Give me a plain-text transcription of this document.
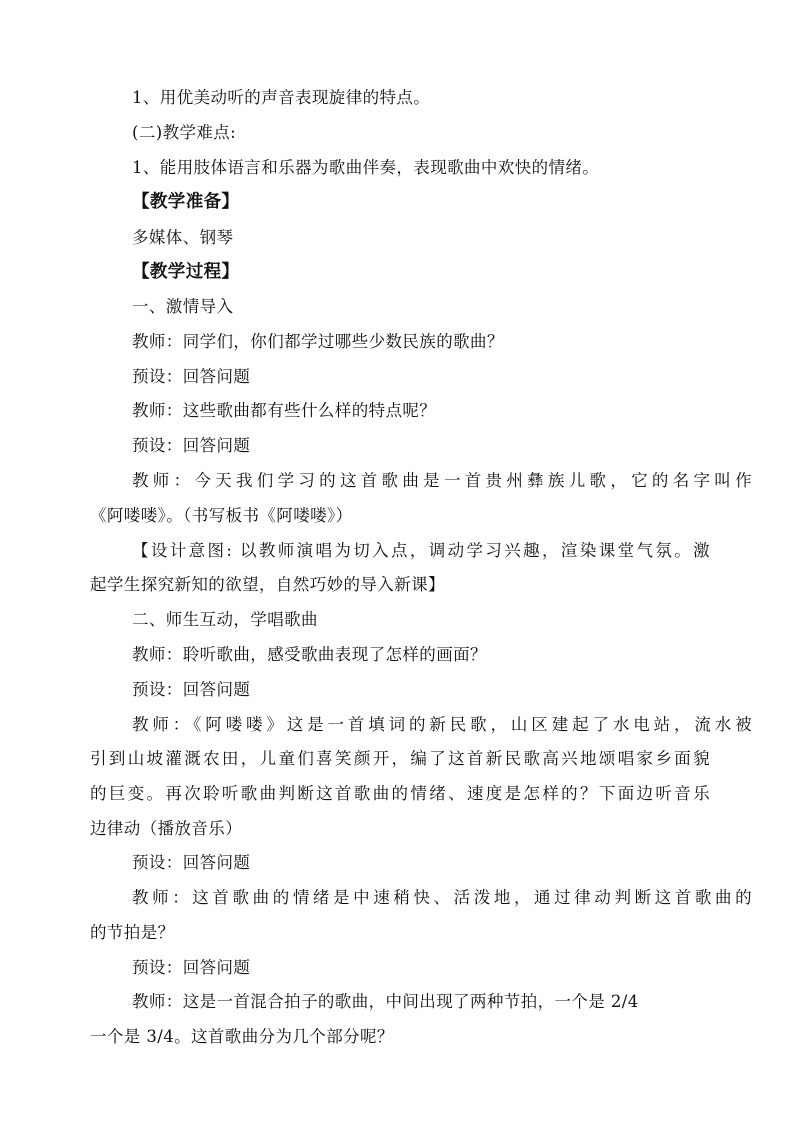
1、用优美动听的声音表现旋律的特点。
(二)教学难点:
1、能用肢体语言和乐器为歌曲伴奏，表现歌曲中欢快的情绪。
【教学准备】
多媒体、钢琴
【教学过程】
一、激情导入
教师：同学们，你们都学过哪些少数民族的歌曲？
预设：回答问题
教师：这些歌曲都有些什么样的特点呢？
预设：回答问题
教师：今天我们学习的这首歌曲是一首贵州彝族儿歌，它的名字叫作
《阿喽喽》。（书写板书《阿喽喽》）
【设计意图: 以教师演唱为切入点，调动学习兴趣，渲染课堂气氛。激
起学生探究新知的欲望，自然巧妙的导入新课】
二、师生互动，学唱歌曲
教师：聆听歌曲，感受歌曲表现了怎样的画面？
预设：回答问题
教师：《阿喽喽》这是一首填词的新民歌，山区建起了水电站，流水被
引到山坡灌溉农田，儿童们喜笑颜开，编了这首新民歌高兴地颂唱家乡面貌
的巨变。再次聆听歌曲判断这首歌曲的情绪、速度是怎样的？下面边听音乐
边律动（播放音乐）
预设：回答问题
教师：这首歌曲的情绪是中速稍快、活泼地，通过律动判断这首歌曲的
的节拍是？
预设：回答问题
教师：这是一首混合拍子的歌曲，中间出现了两种节拍，一个是 2/4
一个是 3/4。这首歌曲分为几个部分呢？
